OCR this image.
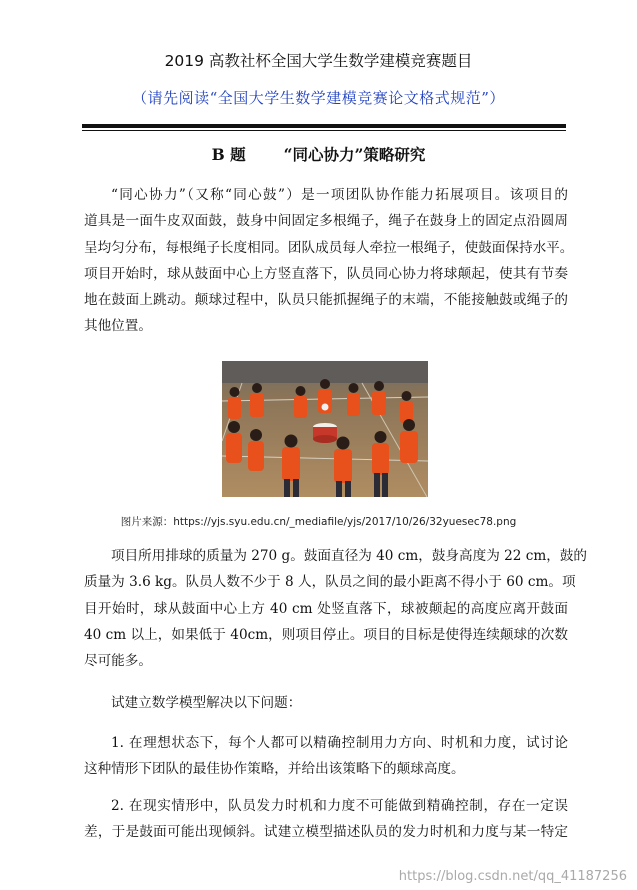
2019 高教社杯全国大学生数学建模竞赛题目
（请先阅读“全国大学生数学建模竞赛论文格式规范”）
B 题 “同心协力”策略研究

“同心协力”（又称“同心鼓”）是一项团队协作能力拓展项目。该项目的
道具是一面牛皮双面鼓，鼓身中间固定多根绳子，绳子在鼓身上的固定点沿圆周
呈均匀分布，每根绳子长度相同。团队成员每人牵拉一根绳子，使鼓面保持水平。
项目开始时，球从鼓面中心上方竖直落下，队员同心协力将球颠起，使其有节奏
地在鼓面上跳动。颠球过程中，队员只能抓握绳子的末端，不能接触鼓或绳子的
其他位置。

图片来源：https://yjs.syu.edu.cn/_mediafile/yjs/2017/10/26/32yuesec78.png

项目所用排球的质量为 270 g。鼓面直径为 40 cm，鼓身高度为 22 cm，鼓的
质量为 3.6 kg。队员人数不少于 8 人，队员之间的最小距离不得小于 60 cm。项
目开始时，球从鼓面中心上方 40 cm 处竖直落下，球被颠起的高度应离开鼓面
40 cm 以上，如果低于 40cm，则项目停止。项目的目标是使得连续颠球的次数
尽可能多。

试建立数学模型解决以下问题：

1. 在理想状态下，每个人都可以精确控制用力方向、时机和力度，试讨论
这种情形下团队的最佳协作策略，并给出该策略下的颠球高度。

2. 在现实情形中，队员发力时机和力度不可能做到精确控制，存在一定误
差，于是鼓面可能出现倾斜。试建立模型描述队员的发力时机和力度与某一特定

https://blog.csdn.net/qq_41187256
